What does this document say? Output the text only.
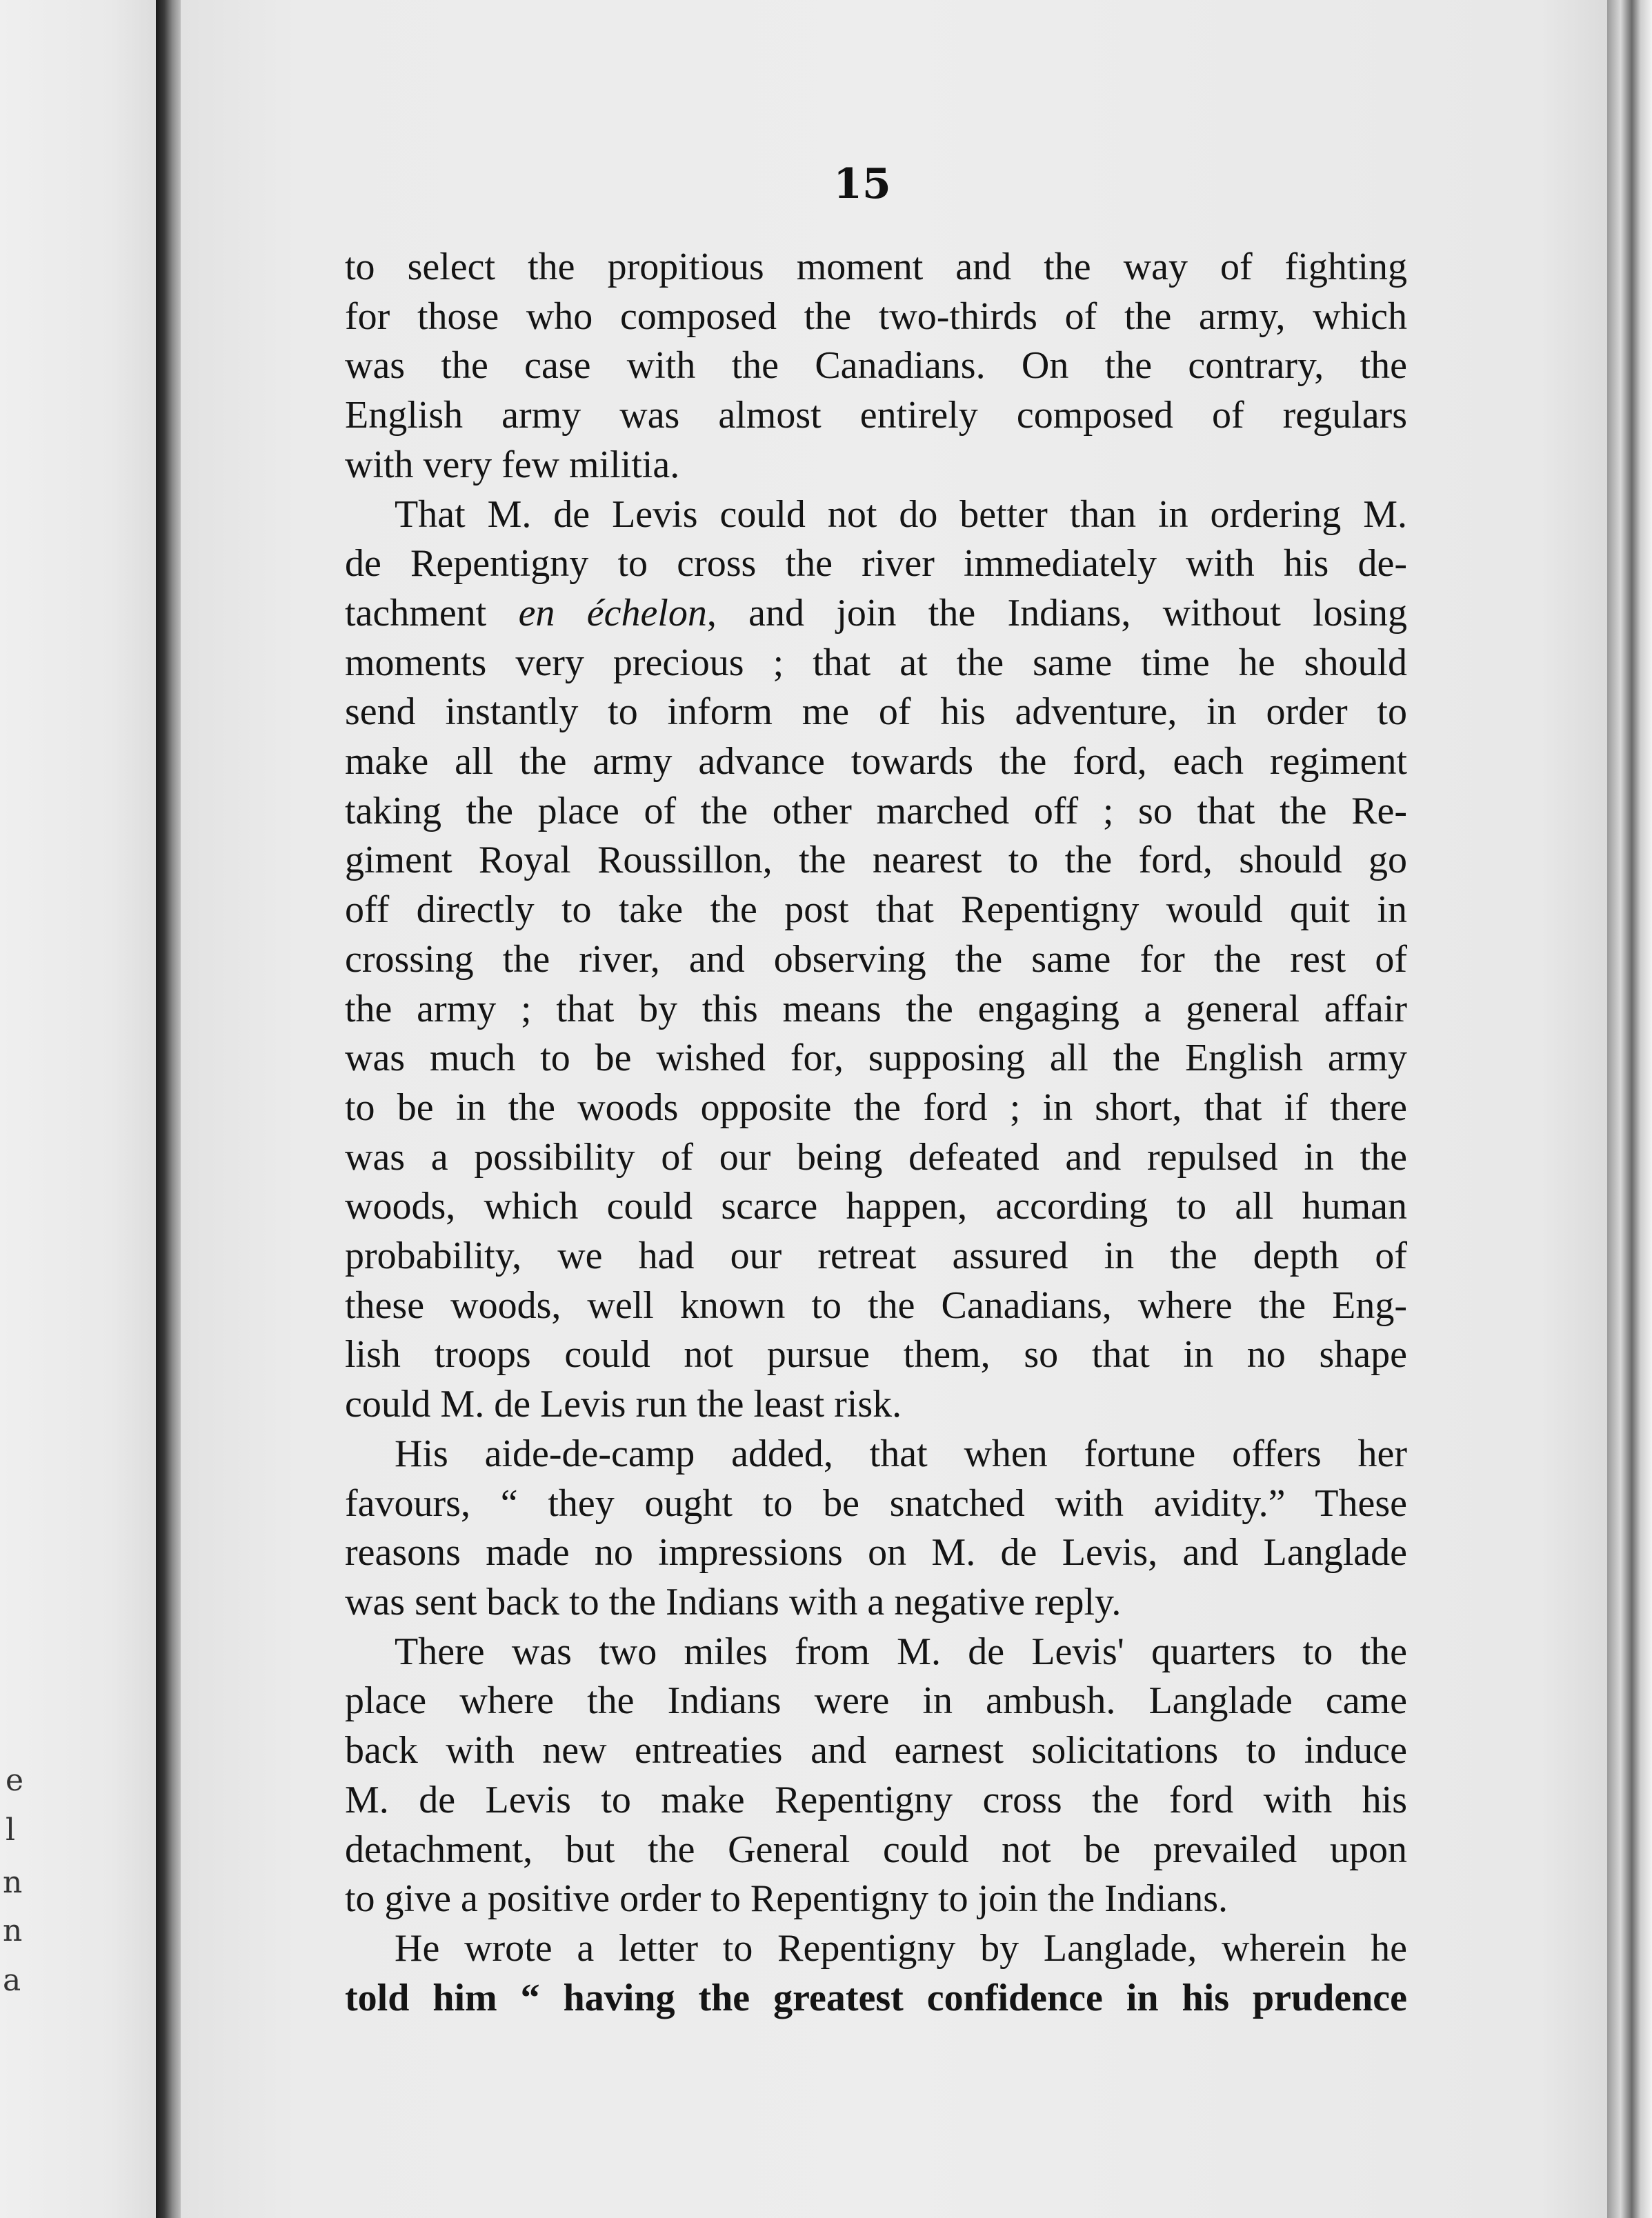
e
l
n
n
a
15

to select the propitious moment and the way of fighting
for those who composed the two-thirds of the army, which
was the case with the Canadians. On the contrary, the
English army was almost entirely composed of regulars
with very few militia.

That M. de Levis could not do better than in ordering M.
de Repentigny to cross the river immediately with his de-
tachment en échelon, and join the Indians, without losing
moments very precious ; that at the same time he should
send instantly to inform me of his adventure, in order to
make all the army advance towards the ford, each regiment
taking the place of the other marched off ; so that the Re-
giment Royal Roussillon, the nearest to the ford, should go
off directly to take the post that Repentigny would quit in
crossing the river, and observing the same for the rest of
the army ; that by this means the engaging a general affair
was much to be wished for, supposing all the English army
to be in the woods opposite the ford ; in short, that if there
was a possibility of our being defeated and repulsed in the
woods, which could scarce happen, according to all human
probability, we had our retreat assured in the depth of
these woods, well known to the Canadians, where the Eng-
lish troops could not pursue them, so that in no shape
could M. de Levis run the least risk.

His aide-de-camp added, that when fortune offers her
favours, “ they ought to be snatched with avidity.” These
reasons made no impressions on M. de Levis, and Langlade
was sent back to the Indians with a negative reply.

There was two miles from M. de Levis' quarters to the
place where the Indians were in ambush. Langlade came
back with new entreaties and earnest solicitations to induce
M. de Levis to make Repentigny cross the ford with his
detachment, but the General could not be prevailed upon
to give a positive order to Repentigny to join the Indians.

He wrote a letter to Repentigny by Langlade, wherein he
told him “ having the greatest confidence in his prudence
